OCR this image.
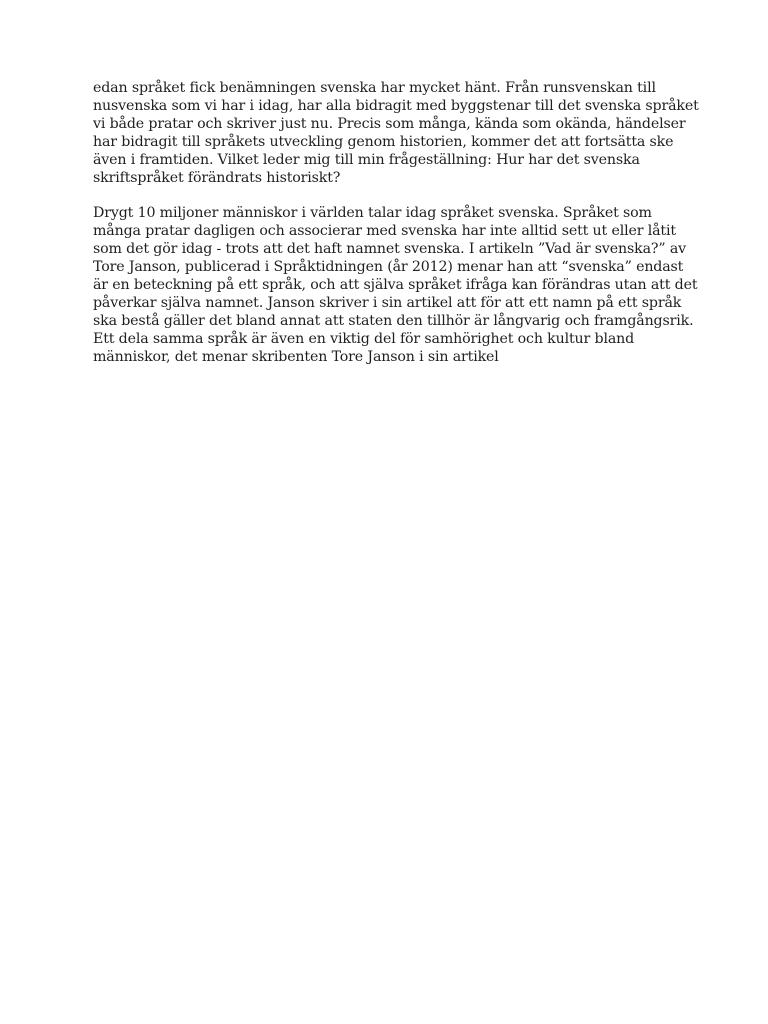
edan språket fick benämningen svenska har mycket hänt. Från runsvenskan till
nusvenska som vi har i idag, har alla bidragit med byggstenar till det svenska språket
vi både pratar och skriver just nu. Precis som många, kända som okända, händelser
har bidragit till språkets utveckling genom historien, kommer det att fortsätta ske
även i framtiden. Vilket leder mig till min frågeställning: Hur har det svenska
skriftspråket förändrats historiskt?
Drygt 10 miljoner människor i världen talar idag språket svenska. Språket som
många pratar dagligen och associerar med svenska har inte alltid sett ut eller låtit
som det gör idag - trots att det haft namnet svenska. I artikeln ”Vad är svenska?” av
Tore Janson, publicerad i Språktidningen (år 2012) menar han att “svenska” endast
är en beteckning på ett språk, och att själva språket ifråga kan förändras utan att det
påverkar själva namnet. Janson skriver i sin artikel att för att ett namn på ett språk
ska bestå gäller det bland annat att staten den tillhör är långvarig och framgångsrik.
Ett dela samma språk är även en viktig del för samhörighet och kultur bland
människor, det menar skribenten Tore Janson i sin artikel
